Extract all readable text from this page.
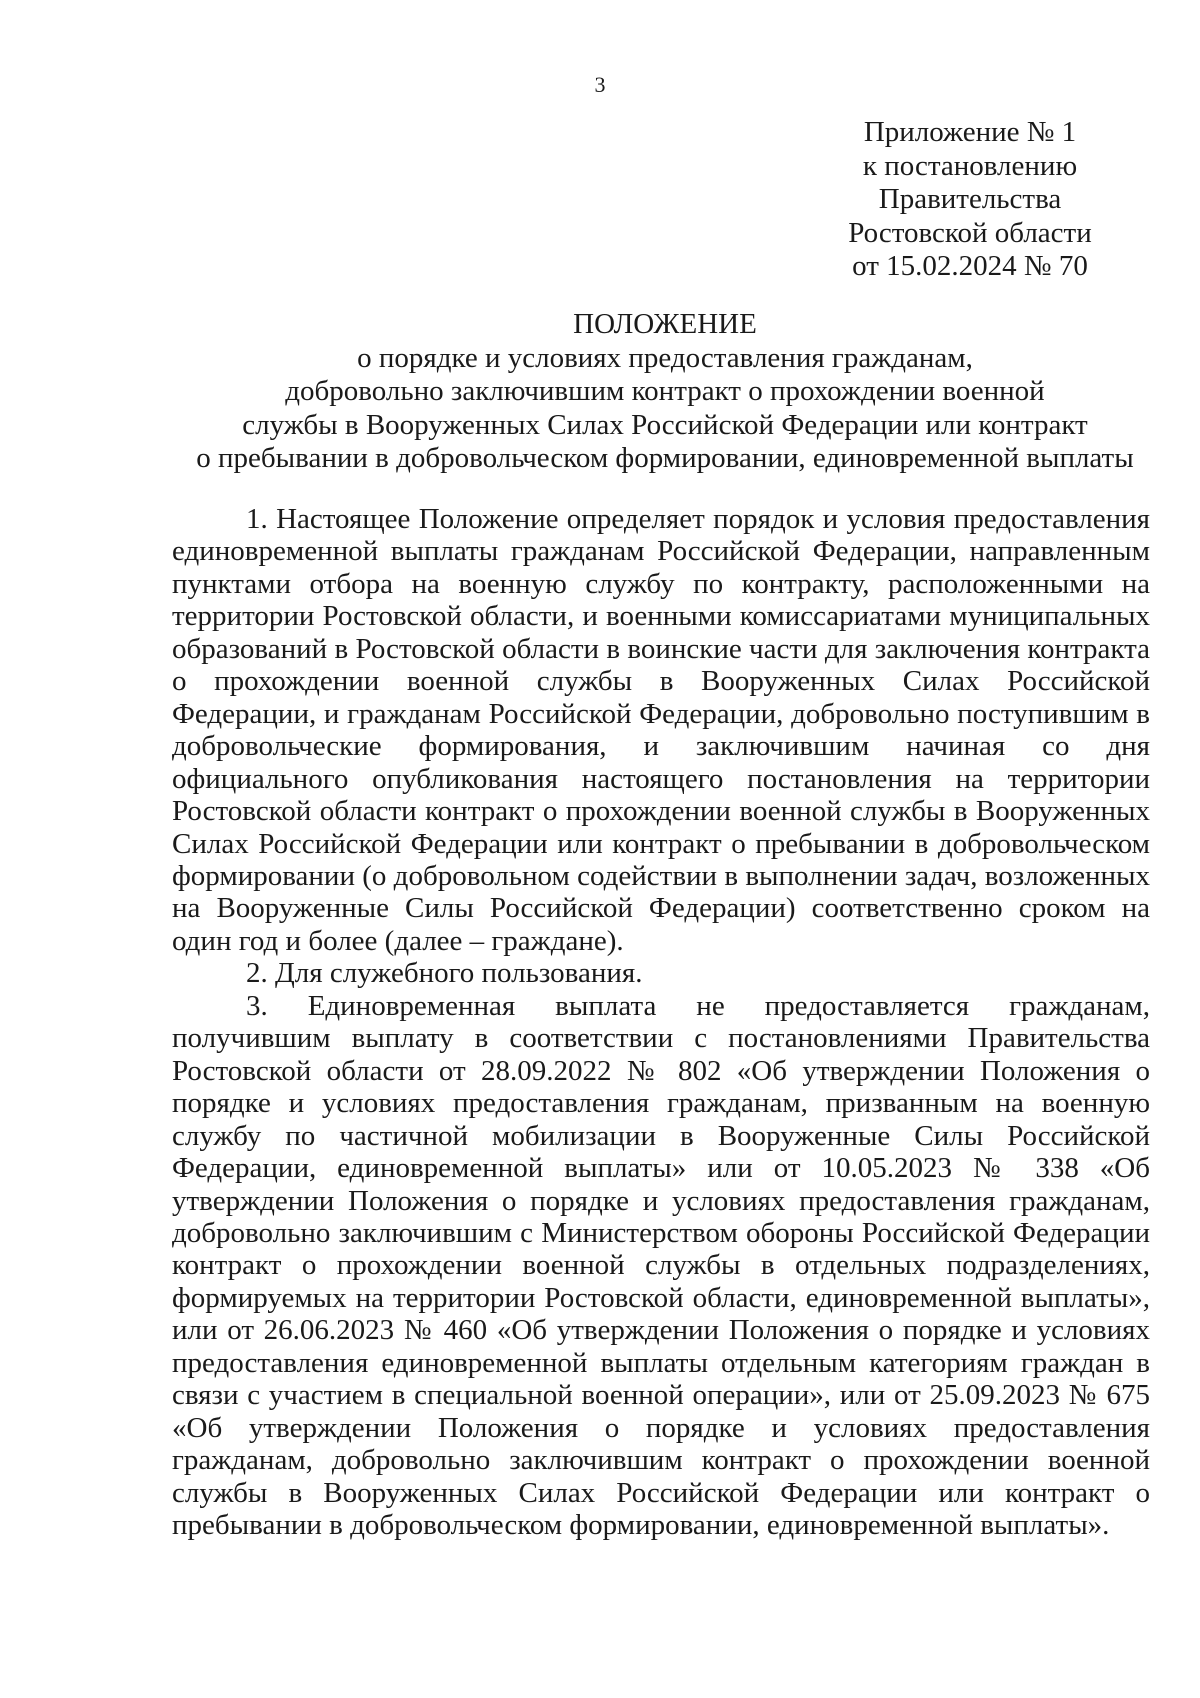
3
Приложение № 1
к постановлению
Правительства
Ростовской области
от 15.02.2024 № 70
ПОЛОЖЕНИЕ
о порядке и условиях предоставления гражданам,
добровольно заключившим контракт о прохождении военной
службы в Вооруженных Силах Российской Федерации или контракт
о пребывании в добровольческом формировании, единовременной выплаты

1. Настоящее Положение определяет порядок и условия предоставления единовременной выплаты гражданам Российской Федерации, направленным пунктами отбора на военную службу по контракту, расположенными на территории Ростовской области, и военными комиссариатами муниципальных образований в Ростовской области в воинские части для заключения контракта о прохождении военной службы в Вооруженных Силах Российской Федерации, и гражданам Российской Федерации, добровольно поступившим в добровольческие формирования, и заключившим начиная со дня официального опубликования настоящего постановления на территории Ростовской области контракт о прохождении военной службы в Вооруженных Силах Российской Федерации или контракт о пребывании в добровольческом формировании (о добровольном содействии в выполнении задач, возложенных на Вооруженные Силы Российской Федерации) соответственно сроком на один год и более (далее – граждане).

2. Для служебного пользования.

3. Единовременная выплата не предоставляется гражданам, получившим выплату в соответствии с постановлениями Правительства Ростовской области от 28.09.2022 № 802 «Об утверждении Положения о порядке и условиях предоставления гражданам, призванным на военную службу по частичной мобилизации в Вооруженные Силы Российской Федерации, единовременной выплаты» или от 10.05.2023 № 338 «Об утверждении Положения о порядке и условиях предоставления гражданам, добровольно заключившим с Министерством обороны Российской Федерации контракт о прохождении военной службы в отдельных подразделениях, формируемых на территории Ростовской области, единовременной выплаты», или от 26.06.2023 № 460 «Об утверждении Положения о порядке и условиях предоставления единовременной выплаты отдельным категориям граждан в связи с участием в специальной военной операции», или от 25.09.2023 № 675 «Об утверждении Положения о порядке и условиях предоставления гражданам, добровольно заключившим контракт о прохождении военной службы в Вооруженных Силах Российской Федерации или контракт о пребывании в добровольческом формировании, единовременной выплаты».
